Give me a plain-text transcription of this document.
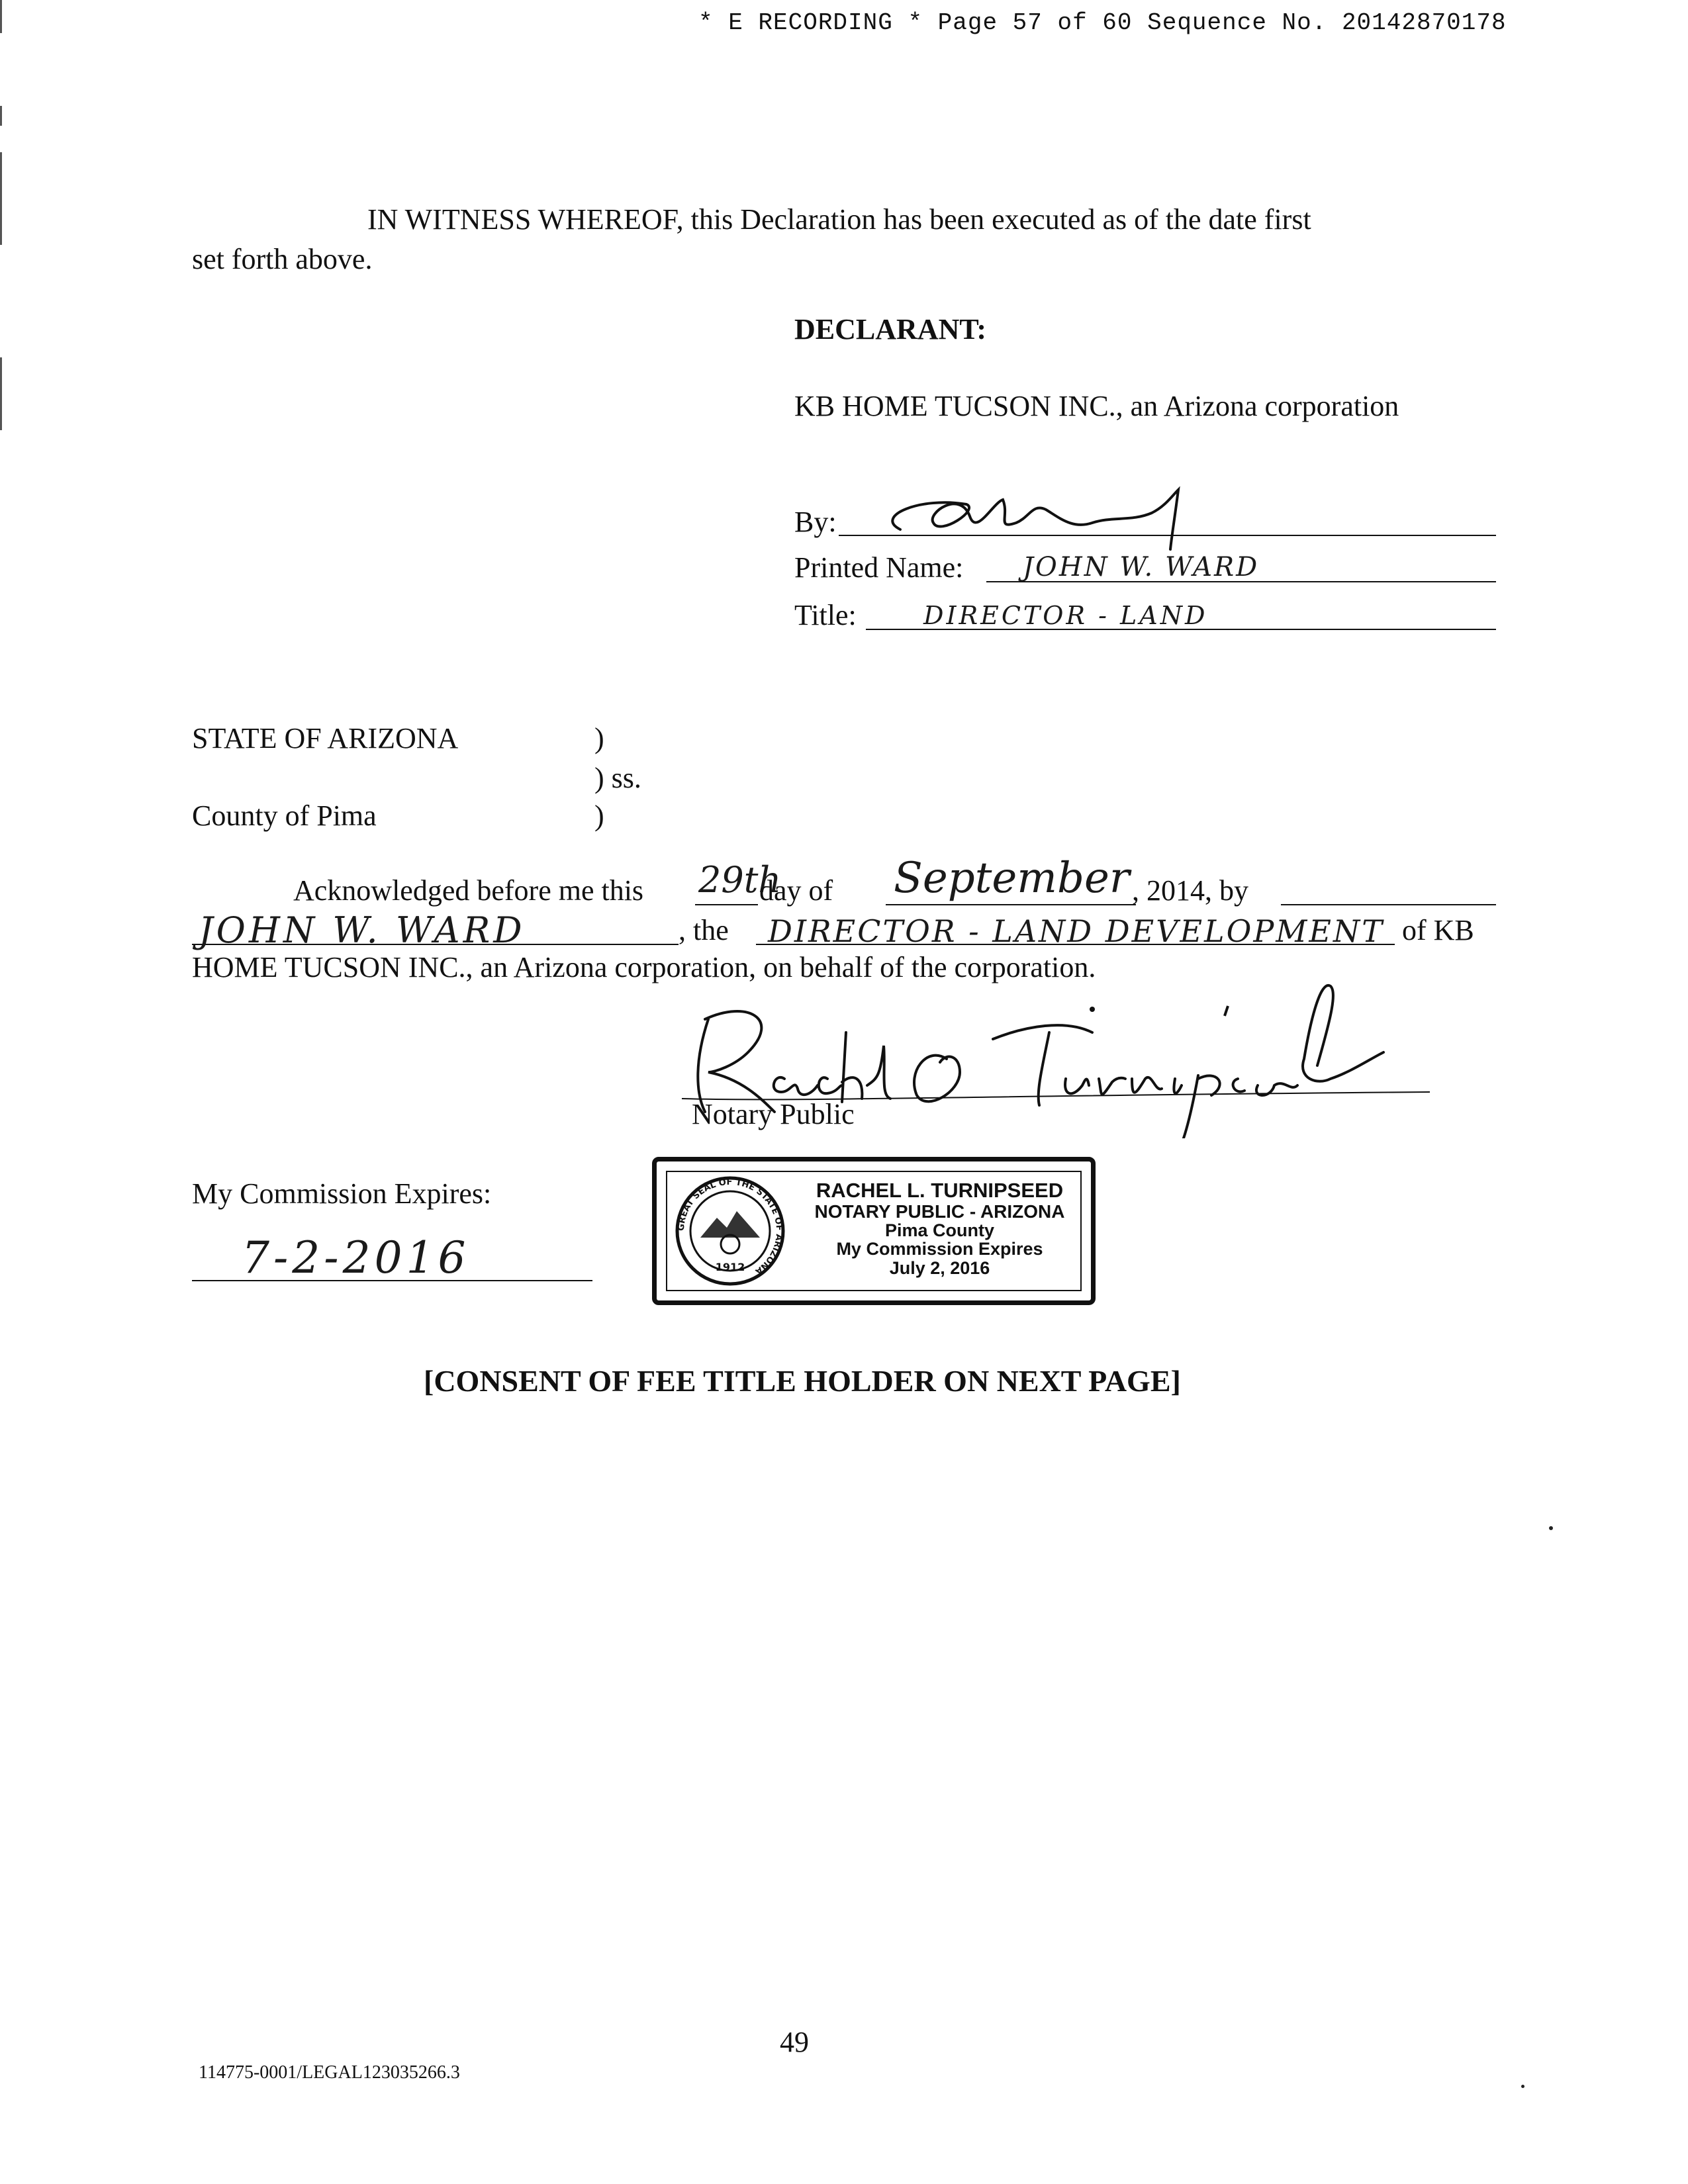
* E RECORDING * Page 57 of 60 Sequence No. 20142870178
IN WITNESS WHEREOF, this Declaration has been executed as of the date first
set forth above.
DECLARANT:
KB HOME TUCSON INC., an Arizona corporation
By:
Printed Name: JOHN W. WARD
Title:	DIRECTOR - LAND
STATE OF ARIZONA	)
) ss.
County of Pima	)
Acknowledged before me this 29th
day of September , 2014, by
JOHN W. WARD	, the DIRECTOR - LAND DEVELOPMENT of KB
HOME TUCSON INC., an Arizona corporation, on behalf of the corporation.
Notary Public
My Commission Expires:
7-2-2016
GREAT SEAL OF THE STATE OF ARIZONA
1912
RACHEL L. TURNIPSEED
NOTARY PUBLIC - ARIZONA
Pima County
My Commission Expires
July 2, 2016
[CONSENT OF FEE TITLE HOLDER ON NEXT PAGE]
49
114775-0001/LEGAL123035266.3
